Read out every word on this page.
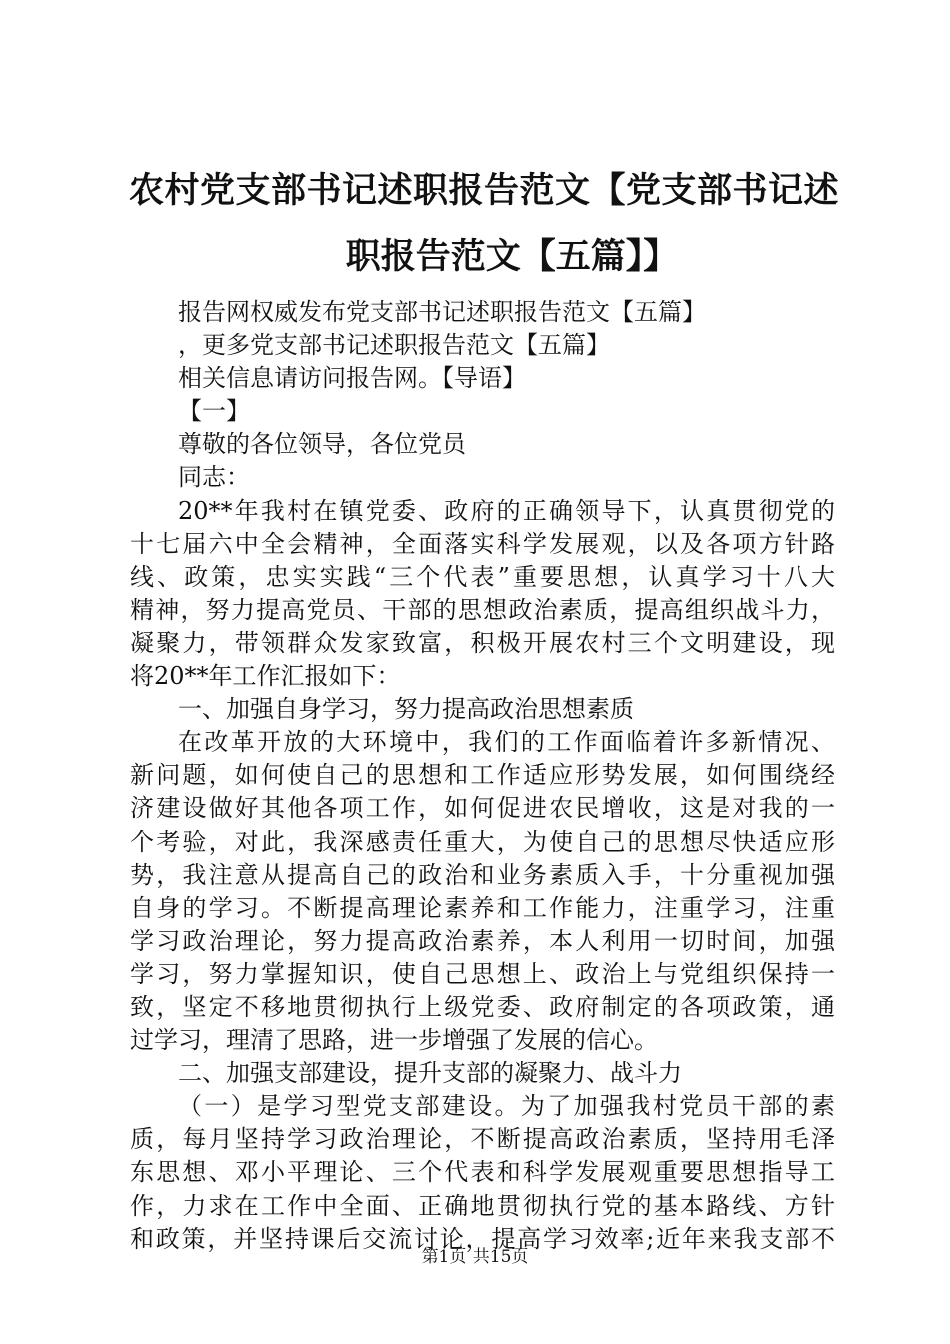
农村党支部书记述职报告范文【党支部书记述
职报告范文【五篇】】
报告网权威发布党支部书记述职报告范文【五篇】
，更多党支部书记述职报告范文【五篇】
相关信息请访问报告网。【导语】
【一】
尊敬的各位领导，各位党员
同志：
20**年我村在镇党委、政府的正确领导下，认真贯彻党的
十七届六中全会精神，全面落实科学发展观，以及各项方针路
线、政策，忠实实践“三个代表”重要思想，认真学习十八大
精神，努力提高党员、干部的思想政治素质，提高组织战斗力，
凝聚力，带领群众发家致富，积极开展农村三个文明建设，现
将20**年工作汇报如下：
一、加强自身学习，努力提高政治思想素质
在改革开放的大环境中，我们的工作面临着许多新情况、
新问题，如何使自己的思想和工作适应形势发展，如何围绕经
济建设做好其他各项工作，如何促进农民增收，这是对我的一
个考验，对此，我深感责任重大，为使自己的思想尽快适应形
势，我注意从提高自己的政治和业务素质入手，十分重视加强
自身的学习。不断提高理论素养和工作能力，注重学习，注重
学习政治理论，努力提高政治素养，本人利用一切时间，加强
学习，努力掌握知识，使自己思想上、政治上与党组织保持一
致，坚定不移地贯彻执行上级党委、政府制定的各项政策，通
过学习，理清了思路，进一步增强了发展的信心。
二、加强支部建设，提升支部的凝聚力、战斗力
（一）是学习型党支部建设。为了加强我村党员干部的素
质，每月坚持学习政治理论，不断提高政治素质，坚持用毛泽
东思想、邓小平理论、三个代表和科学发展观重要思想指导工
作，力求在工作中全面、正确地贯彻执行党的基本路线、方针
和政策，并坚持课后交流讨论，提高学习效率;近年来我支部不
第1页 共15页
